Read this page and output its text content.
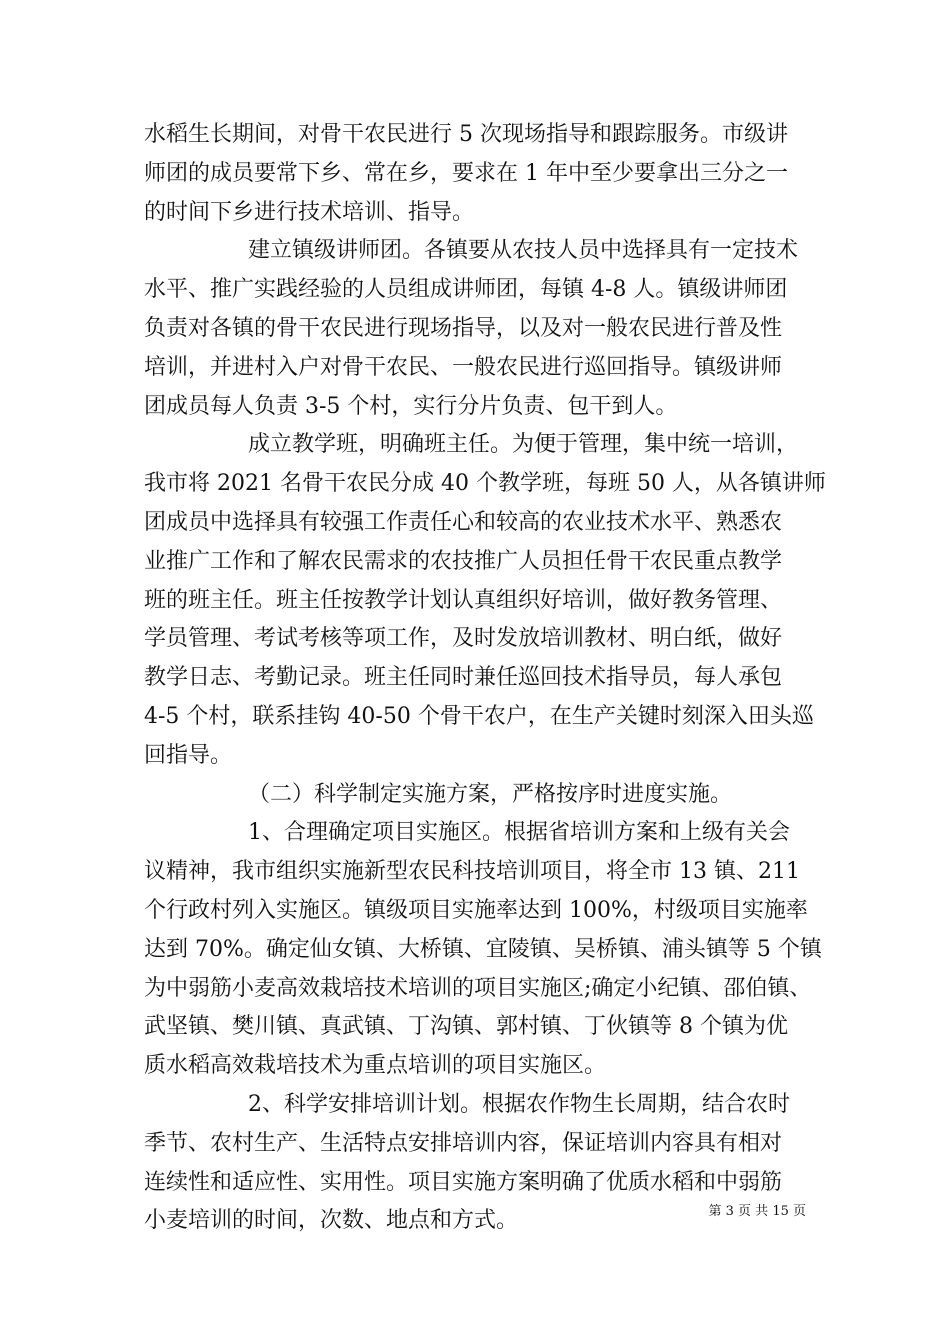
水稻生长期间，对骨干农民进行 5 次现场指导和跟踪服务。市级讲
师团的成员要常下乡、常在乡，要求在 1 年中至少要拿出三分之一
的时间下乡进行技术培训、指导。
建立镇级讲师团。各镇要从农技人员中选择具有一定技术
水平、推广实践经验的人员组成讲师团，每镇 4-8 人。镇级讲师团
负责对各镇的骨干农民进行现场指导，以及对一般农民进行普及性
培训，并进村入户对骨干农民、一般农民进行巡回指导。镇级讲师
团成员每人负责 3-5 个村，实行分片负责、包干到人。
成立教学班，明确班主任。为便于管理，集中统一培训，
我市将 2021 名骨干农民分成 40 个教学班，每班 50 人，从各镇讲师
团成员中选择具有较强工作责任心和较高的农业技术水平、熟悉农
业推广工作和了解农民需求的农技推广人员担任骨干农民重点教学
班的班主任。班主任按教学计划认真组织好培训，做好教务管理、
学员管理、考试考核等项工作，及时发放培训教材、明白纸，做好
教学日志、考勤记录。班主任同时兼任巡回技术指导员，每人承包
4-5 个村，联系挂钩 40-50 个骨干农户，在生产关键时刻深入田头巡
回指导。
（二）科学制定实施方案，严格按序时进度实施。
1、合理确定项目实施区。根据省培训方案和上级有关会
议精神，我市组织实施新型农民科技培训项目，将全市 13 镇、211
个行政村列入实施区。镇级项目实施率达到 100%，村级项目实施率
达到 70%。确定仙女镇、大桥镇、宜陵镇、吴桥镇、浦头镇等 5 个镇
为中弱筋小麦高效栽培技术培训的项目实施区;确定小纪镇、邵伯镇、
武坚镇、樊川镇、真武镇、丁沟镇、郭村镇、丁伙镇等 8 个镇为优
质水稻高效栽培技术为重点培训的项目实施区。
2、科学安排培训计划。根据农作物生长周期，结合农时
季节、农村生产、生活特点安排培训内容，保证培训内容具有相对
连续性和适应性、实用性。项目实施方案明确了优质水稻和中弱筋
小麦培训的时间，次数、地点和方式。	第 3 页 共 15 页
